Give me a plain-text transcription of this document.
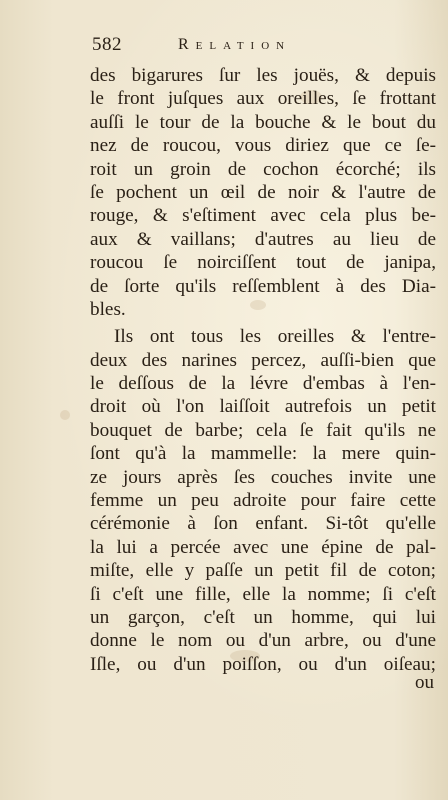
582	Relation
des bigarures ſur les jouës, & depuis
le front juſques aux oreilles, ſe frottant
auſſi le tour de la bouche & le bout du
nez de roucou, vous diriez que ce ſe-
roit un groin de cochon écorché; ils
ſe pochent un œil de noir & l'autre de
rouge, & s'eſtiment avec cela plus be-
aux & vaillans; d'autres au lieu de
roucou ſe noirciſſent tout de janipa,
de ſorte qu'ils reſſemblent à des Dia-
bles.
Ils ont tous les oreilles & l'entre-
deux des narines percez, auſſi-bien que
le deſſous de la lévre d'embas à l'en-
droit où l'on laiſſoit autrefois un petit
bouquet de barbe; cela ſe fait qu'ils ne
ſont qu'à la mammelle: la mere quin-
ze jours après ſes couches invite une
femme un peu adroite pour faire cette
cérémonie à ſon enfant. Si-tôt qu'elle
la lui a percée avec une épine de pal-
miſte, elle y paſſe un petit fil de coton;
ſi c'eſt une fille, elle la nomme; ſi c'eſt
un garçon, c'eſt un homme, qui lui
donne le nom ou d'un arbre, ou d'une
Iſle, ou d'un poiſſon, ou d'un oiſeau;
ou
